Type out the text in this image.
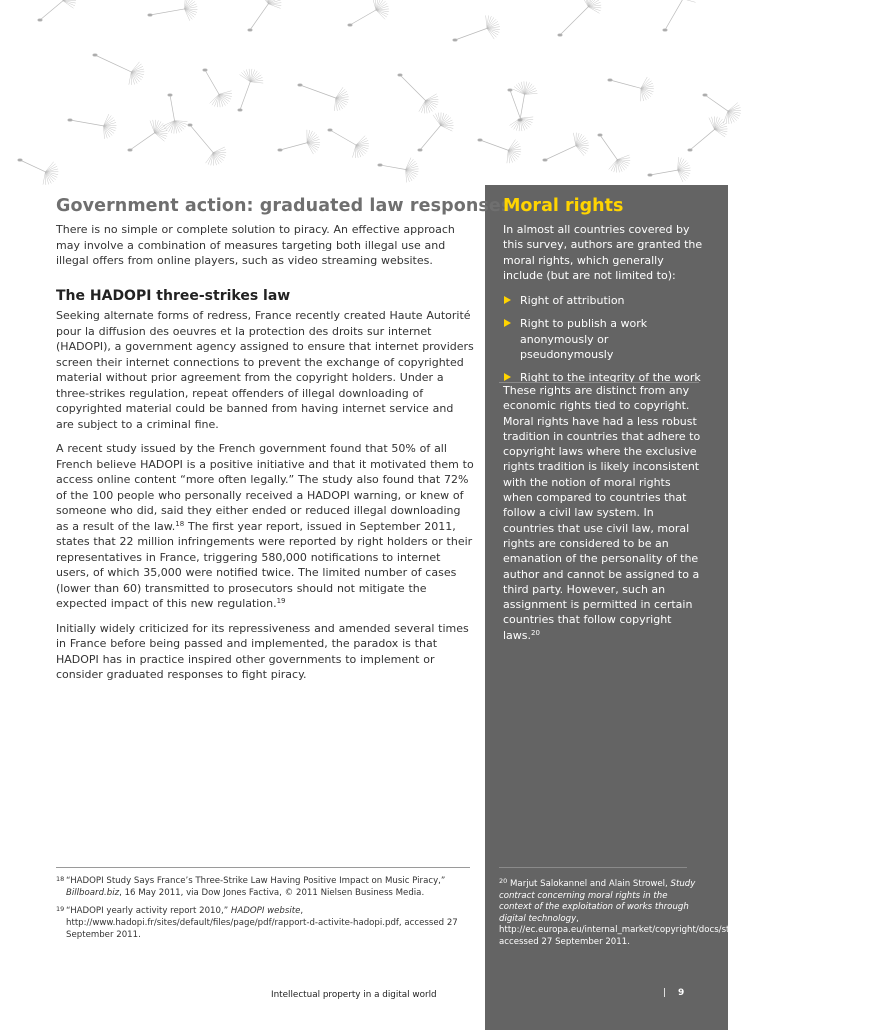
Government action: graduated law responses

There is no simple or complete solution to piracy. An effective approach may involve a combination of measures targeting both illegal use and illegal offers from online players, such as video streaming websites.

The HADOPI three-strikes law

Seeking alternate forms of redress, France recently created Haute Autorité pour la diffusion des oeuvres et la protection des droits sur internet (HADOPI), a government agency assigned to ensure that internet providers screen their internet connections to prevent the exchange of copyrighted material without prior agreement from the copyright holders. Under a three-strikes regulation, repeat offenders of illegal downloading of copyrighted material could be banned from having internet service and are subject to a criminal fine.

A recent study issued by the French government found that 50% of all French believe HADOPI is a positive initiative and that it motivated them to access online content “more often legally.” The study also found that 72% of the 100 people who personally received a HADOPI warning, or knew of someone who did, said they either ended or reduced illegal downloading as a result of the law.$^{18}$ The first year report, issued in September 2011, states that 22 million infringements were reported by right holders or their representatives in France, triggering 580,000 notifications to internet users, of which 35,000 were notified twice. The limited number of cases (lower than 60) transmitted to prosecutors should not mitigate the expected impact of this new regulation.$^{19}$

Initially widely criticized for its repressiveness and amended several times in France before being passed and implemented, the paradox is that HADOPI has in practice inspired other governments to implement or consider graduated responses to fight piracy.

Moral rights

In almost all countries covered by this survey, authors are granted the moral rights, which generally include (but are not limited to):

Right of attribution
Right to publish a work anonymously or pseudonymously
Right to the integrity of the work

These rights are distinct from any economic rights tied to copyright. Moral rights have had a less robust tradition in countries that adhere to copyright laws where the exclusive rights tradition is likely inconsistent with the notion of moral rights when compared to countries that follow a civil law system. In countries that use civil law, moral rights are considered to be an emanation of the personality of the author and cannot be assigned to a third party. However, such an assignment is permitted in certain countries that follow copyright laws.$^{20}$

18 “HADOPI Study Says France’s Three-Strike Law Having Positive Impact on Music Piracy,” Billboard.biz, 16 May 2011, via Dow Jones Factiva, © 2011 Nielsen Business Media.
19 “HADOPI yearly activity report 2010,” HADOPI website, http://www.hadopi.fr/sites/default/files/page/pdf/rapport-d-activite-hadopi.pdf, accessed 27 September 2011.
$^{20}$ Marjut Salokannel and Alain Strowel, Study contract concerning moral rights in the context of the exploitation of works through digital technology, http://ec.europa.eu/internal_market/copyright/docs/studies/etd1999b53000e28_en.pdf, accessed 27 September 2011.
Intellectual property in a digital world	| 9
